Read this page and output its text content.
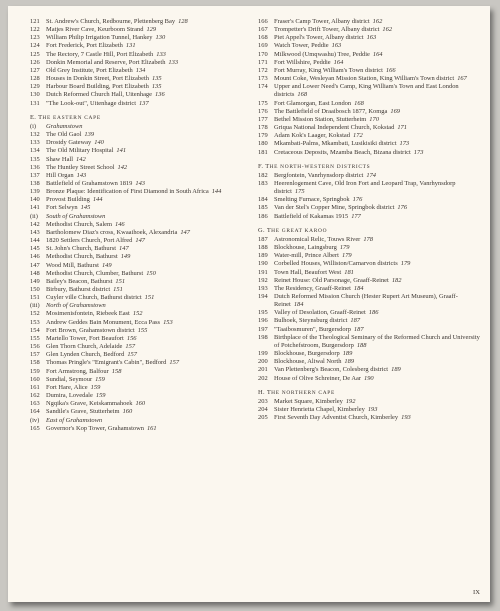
121 St. Andrew's Church, Redbourne, Plettenberg Bay 128
122 Matjes River Cave, Keurboom Strand 129
123 William Philip Irrigation Tunnel, Hankey 130
124 Fort Frederick, Port Elizabeth 131
125 The Rectory, 7 Castle Hill, Port Elizabeth 133
126 Donkin Memorial and Reserve, Port Elizabeth 133
127 Old Grey Institute, Port Elizabeth 134
128 Houses in Donkin Street, Port Elizabeth 135
129 Harbour Board Building, Port Elizabeth 135
130 Dutch Reformed Church Hall, Uitenhage 136
131 "The Look-out", Uitenhage district 137
E. THE EASTERN CAPE
(i) Grahamstown
132 The Old Gaol 139
133 Drostdy Gateway 140
134 The Old Military Hospital 141
135 Shaw Hall 142
136 The Huntley Street School 142
137 Hill Organ 143
138 Battlefield of Grahamstown 1819 143
139 Bronze Plaque: Identification of First Diamond in South Africa 144
140 Provost Building 144
141 Fort Selwyn 145
(ii) South of Grahamstown
142 Methodist Church, Salem 146
143 Bartholomew Diaz's cross, Kwaaihoek, Alexandria 147
144 1820 Settlers Church, Port Alfred 147
145 St. John's Church, Bathurst 147
146 Methodist Church, Bathurst 149
147 Wood Mill, Bathurst 149
148 Methodist Church, Clumber, Bathurst 150
149 Bailey's Beacon, Bathurst 151
150 Birbury, Bathurst district 151
151 Cuyler ville Church, Bathurst district 151
(iii) North of Grahamstown
152 Mosimenisfontein, Riebeek East 152
153 Andrew Geddes Bain Monument, Ecca Pass 153
154 Fort Brown, Grahamstown district 155
155 Martello Tower, Fort Beaufort 156
156 Glen Thorn Church, Adelaide 157
157 Glen Lynden Church, Bedford 157
158 Thomas Pringle's "Emigrant's Cabin", Bedford 157
159 Fort Armstrong, Balfour 158
160 Sundial, Seymour 159
161 Fort Hare, Alice 159
162 Dumira, Lovedale 159
163 Ngqika's Grave, Keiskammahoek 160
164 Sandile's Grave, Stutterheim 160
(iv) East of Grahamstown
165 Governor's Kop Tower, Grahamstown 161
166 Fraser's Camp Tower, Albany district 162
167 Trompetter's Drift Tower, Albany district 162
168 Piet Appel's Tower, Albany district 163
169 Watch Tower, Peddie 163
170 Milkwood (Umqwashu) Tree, Peddie 164
171 Fort Willshire, Peddie 164
172 Fort Murray, King William's Town district 166
173 Mount Coke, Wesleyan Mission Station, King William's Town district 167
174 Upper and Lower Need's Camp, King William's Town and East London districts 168
175 Fort Glamorgan, East London 168
176 The Battlefield of Draaibosch 1877, Komga 169
177 Bethel Mission Station, Stutterheim 170
178 Griqua National Independent Church, Kokstad 171
179 Adam Kok's Laager, Kokstad 172
180 Mkambati-Palms, Mkambati, Lusikisiki district 173
181 Cretaceous Deposits, Mzamba Beach, Bizana district 173
F. THE NORTH-WESTERN DISTRICTS
182 Bergfontein, Vanrhynsdorp district 174
183 Heerenlogement Cave, Old Iron Fort and Leopard Trap, Vanrhynsdorp district 175
184 Smelting Furnace, Springbok 176
185 Van der Stel's Copper Mine, Springbok district 176
186 Battlefield of Kakamas 1915 177
G. THE GREAT KAROO
187 Astronomical Relic, Touws River 178
188 Blockhouse, Laingsburg 179
189 Water-mill, Prince Albert 179
190 Corbelled Houses, Williston/Carnarvon districts 179
191 Town Hall, Beaufort West 181
192 Reinet House: Old Parsonage, Graaff-Reinet 182
193 The Residency, Graaff-Reinet 184
194 Dutch Reformed Mission Church (Hester Rupert Art Museum), Graaff-Reinet 184
195 Valley of Desolation, Graaff-Reinet 186
196 Bulhoek, Steynsburg district 187
197 "Taaibosmuren", Burgersdorp 187
198 Birthplace of the Theological Seminary of the Reformed Church and University of Potchefstroom, Burgersdorp 188
199 Blockhouse, Burgersdorp 189
200 Blockhouse, Aliwal North 189
201 Van Plettenberg's Beacon, Colesberg district 189
202 House of Olive Schreiner, De Aar 190
H. THE NORTHERN CAPE
203 Market Square, Kimberley 192
204 Sister Henrietta Chapel, Kimberley 193
205 First Seventh Day Adventist Church, Kimberley 193
IX
